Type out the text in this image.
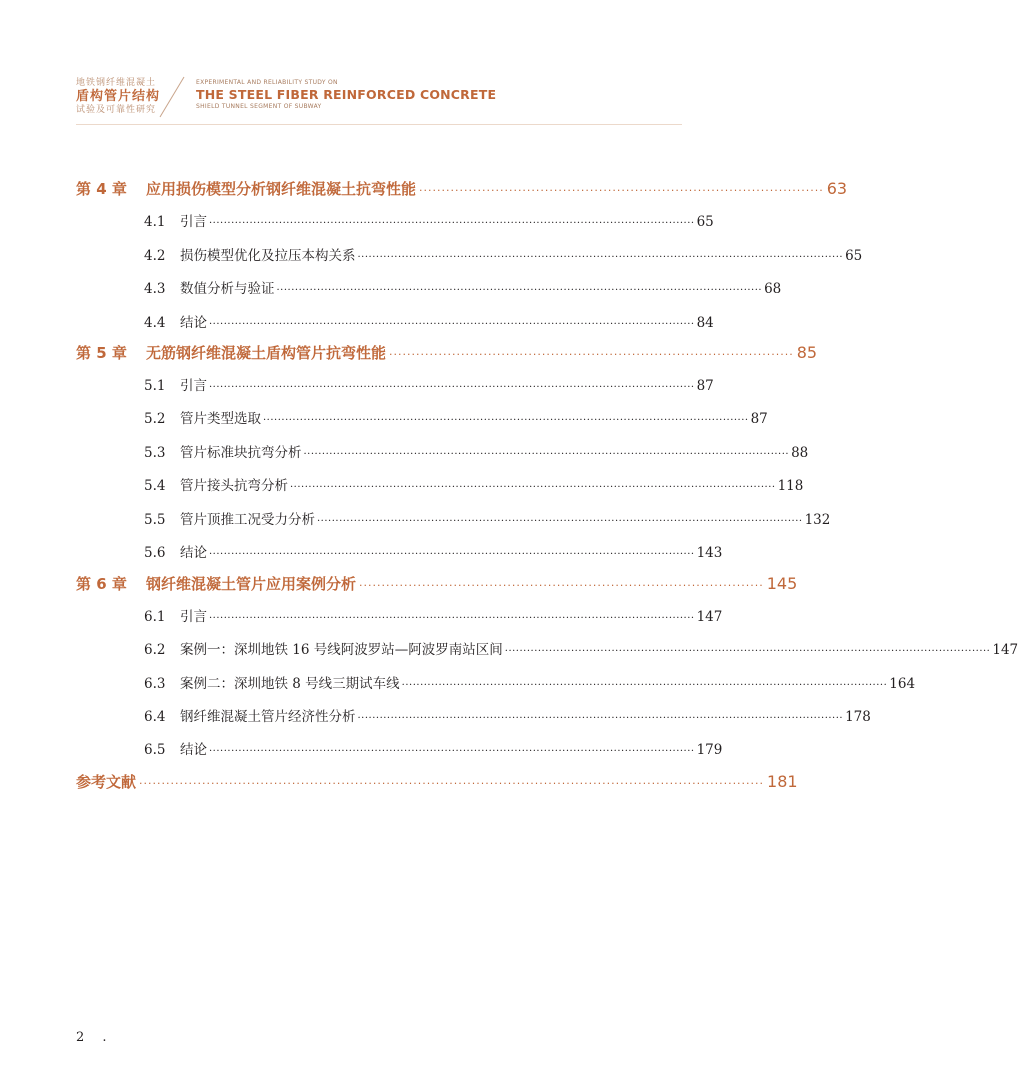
地铁钢纤维混凝土
盾构管片结构
试验及可靠性研究
EXPERIMENTAL AND RELIABILITY STUDY ON
THE STEEL FIBER REINFORCED CONCRETE
SHIELD TUNNEL SEGMENT OF SUBWAY
第 4 章	应用损伤模型分析钢纤维混凝土抗弯性能 ·························································································· 63
4.1	引言 ···································································································································· 65
4.2	损伤模型优化及拉压本构关系 ···································································································································· 65
4.3	数值分析与验证 ···································································································································· 68
4.4	结论 ···································································································································· 84
第 5 章	无筋钢纤维混凝土盾构管片抗弯性能 ·························································································· 85
5.1	引言 ···································································································································· 87
5.2	管片类型选取 ···································································································································· 87
5.3	管片标准块抗弯分析 ···································································································································· 88
5.4	管片接头抗弯分析 ···································································································································· 118
5.5	管片顶推工况受力分析 ···································································································································· 132
5.6	结论 ···································································································································· 143
第 6 章	钢纤维混凝土管片应用案例分析 ·························································································· 145
6.1	引言 ···································································································································· 147
6.2	案例一：深圳地铁 16 号线阿波罗站—阿波罗南站区间 ···································································································································· 147
6.3	案例二：深圳地铁 8 号线三期试车线 ···································································································································· 164
6.4	钢纤维混凝土管片经济性分析 ···································································································································· 178
6.5	结论 ···································································································································· 179
参考文献 ··········································································································································· 181
2 .
